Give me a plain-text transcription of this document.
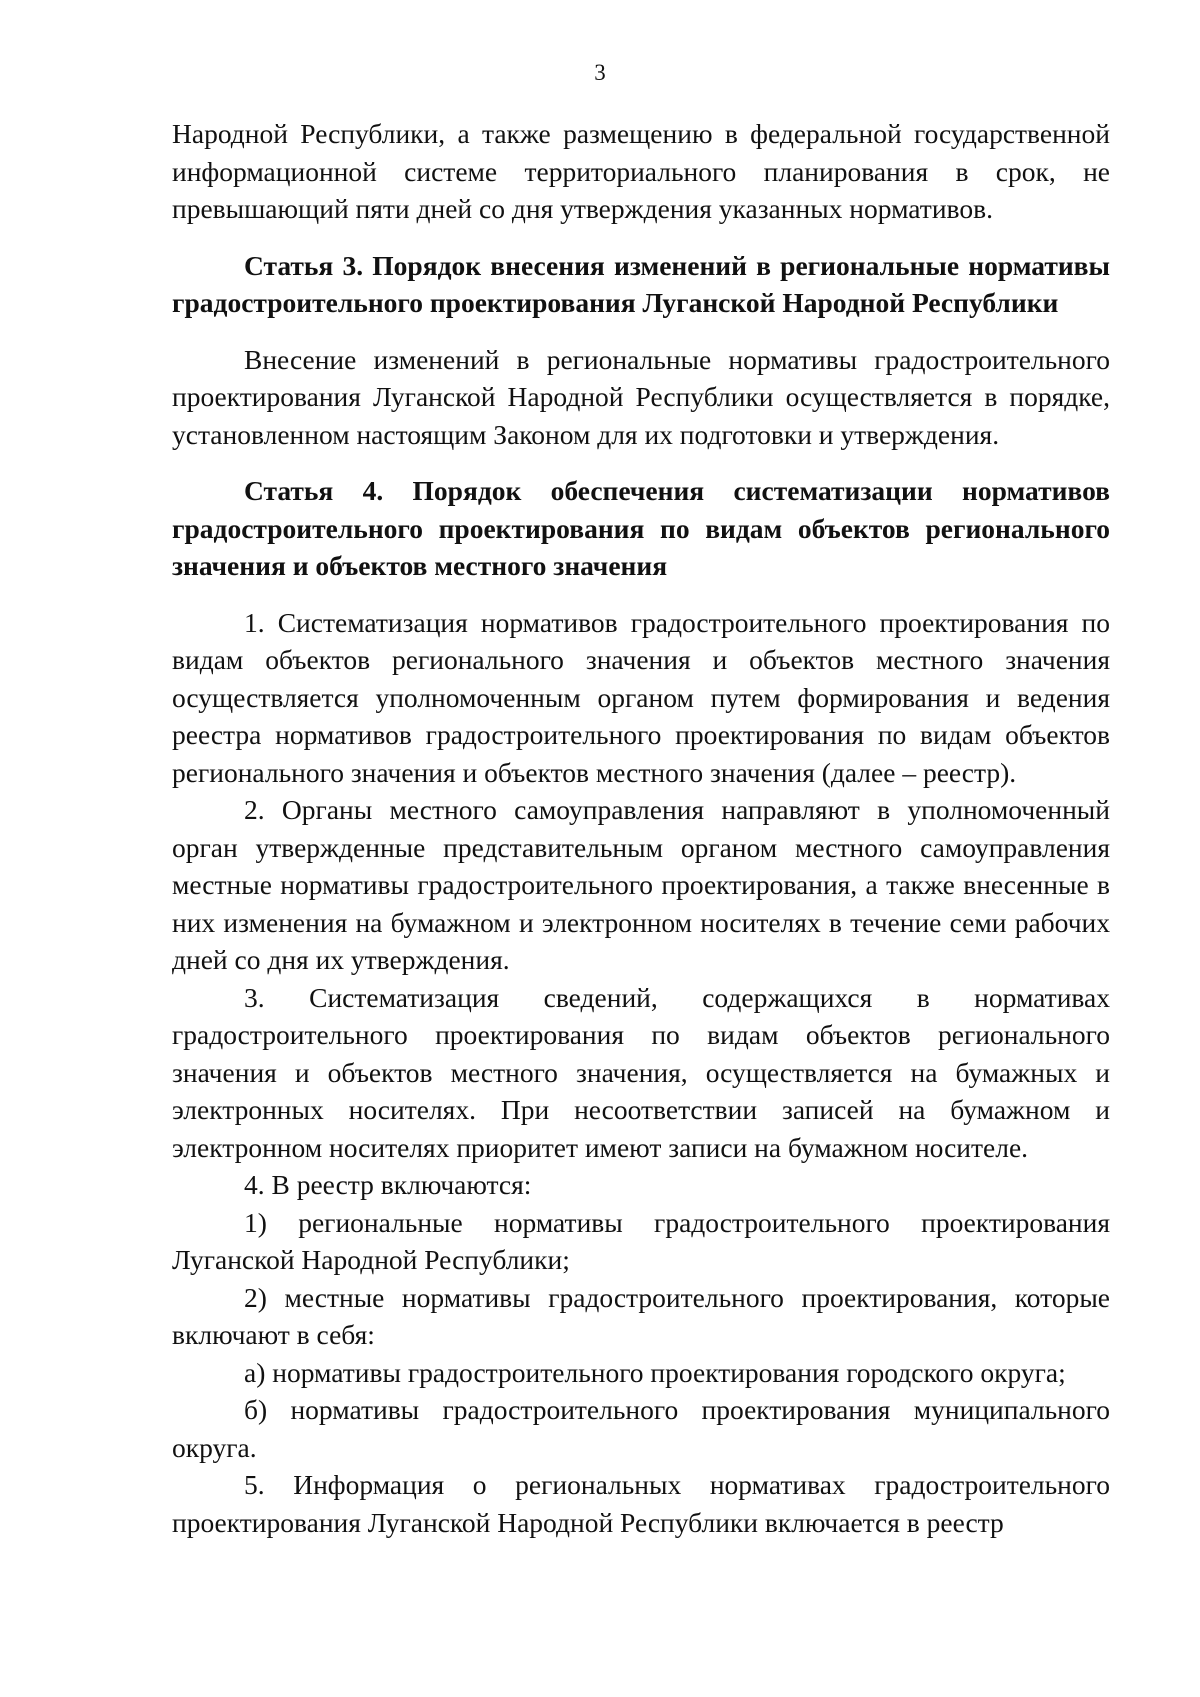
3

Народной Республики, а также размещению в федеральной государственной информационной системе территориального планирования в срок, не превышающий пяти дней со дня утверждения указанных нормативов.

Статья 3. Порядок внесения изменений в региональные нормативы градостроительного проектирования Луганской Народной Республики

Внесение изменений в региональные нормативы градостроительного проектирования Луганской Народной Республики осуществляется в порядке, установленном настоящим Законом для их подготовки и утверждения.

Статья 4. Порядок обеспечения систематизации нормативов градостроительного проектирования по видам объектов регионального значения и объектов местного значения

1. Систематизация нормативов градостроительного проектирования по видам объектов регионального значения и объектов местного значения осуществляется уполномоченным органом путем формирования и ведения реестра нормативов градостроительного проектирования по видам объектов регионального значения и объектов местного значения (далее – реестр).

2. Органы местного самоуправления направляют в уполномоченный орган утвержденные представительным органом местного самоуправления местные нормативы градостроительного проектирования, а также внесенные в них изменения на бумажном и электронном носителях в течение семи рабочих дней со дня их утверждения.

3. Систематизация сведений, содержащихся в нормативах градостроительного проектирования по видам объектов регионального значения и объектов местного значения, осуществляется на бумажных и электронных носителях. При несоответствии записей на бумажном и электронном носителях приоритет имеют записи на бумажном носителе.

4. В реестр включаются:

1) региональные нормативы градостроительного проектирования Луганской Народной Республики;

2) местные нормативы градостроительного проектирования, которые включают в себя:

а) нормативы градостроительного проектирования городского округа;

б) нормативы градостроительного проектирования муниципального округа.

5. Информация о региональных нормативах градостроительного проектирования Луганской Народной Республики включается в реестр
